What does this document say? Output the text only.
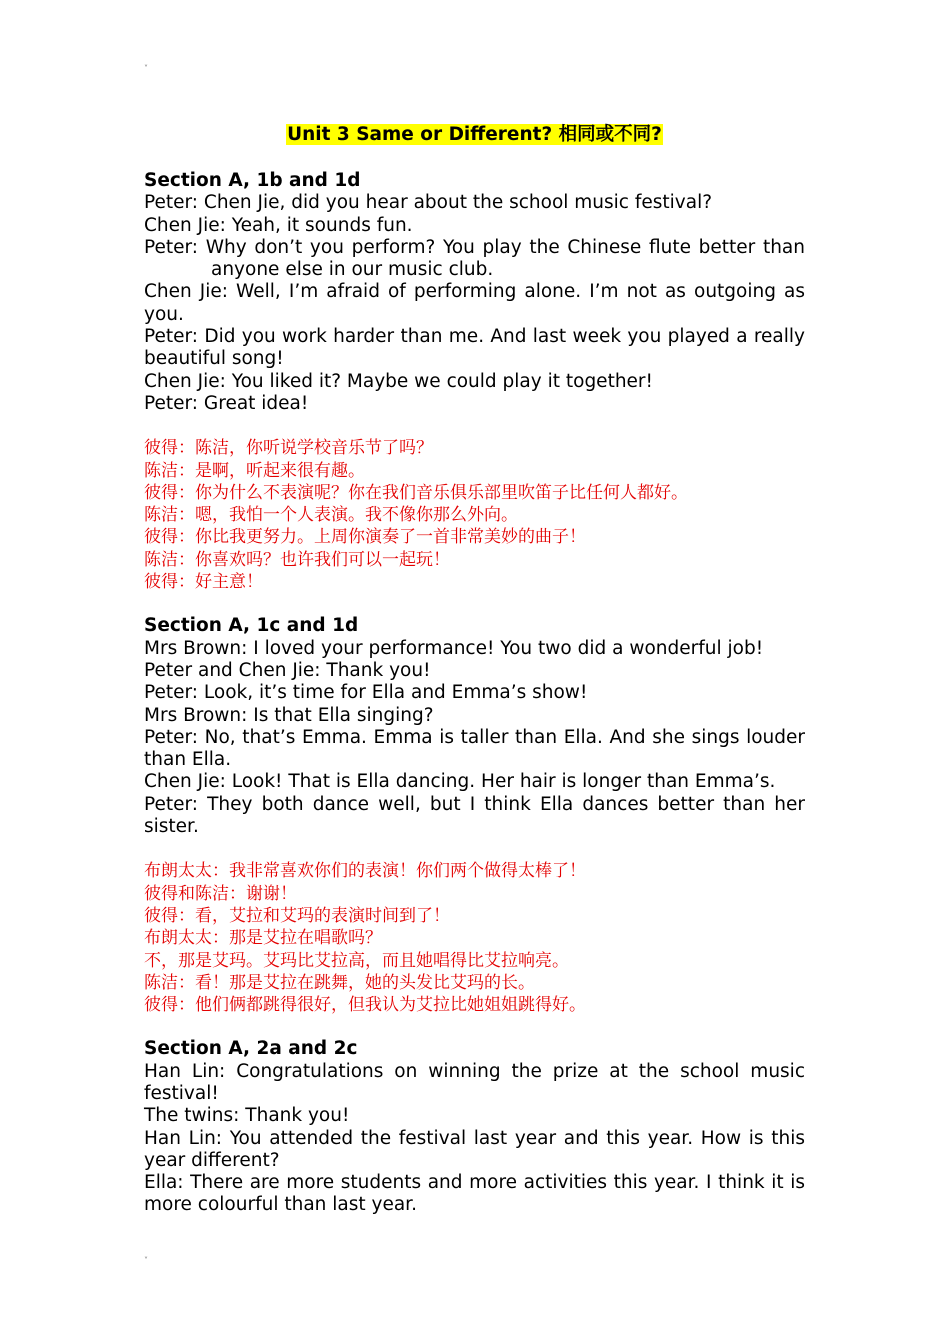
˅
˅
Unit 3 Same or Different? 相同或不同?

Section A, 1b and 1d

Peter: Chen Jie, did you hear about the school music festival?

Chen Jie: Yeah, it sounds fun.

Peter: Why don’t you perform? You play the Chinese flute better than anyone else in our music club.

Chen Jie: Well, I’m afraid of performing alone. I’m not as outgoing as you.

Peter: Did you work harder than me. And last week you played a really beautiful song!

Chen Jie: You liked it? Maybe we could play it together!

Peter: Great idea!

彼得：陈洁，你听说学校音乐节了吗？

陈洁：是啊，听起来很有趣。

彼得：你为什么不表演呢？你在我们音乐俱乐部里吹笛子比任何人都好。

陈洁：嗯，我怕一个人表演。我不像你那么外向。

彼得：你比我更努力。上周你演奏了一首非常美妙的曲子！

陈洁：你喜欢吗？也许我们可以一起玩！

彼得：好主意！

Section A, 1c and 1d

Mrs Brown: I loved your performance! You two did a wonderful job!

Peter and Chen Jie: Thank you!

Peter: Look, it’s time for Ella and Emma’s show!

Mrs Brown: Is that Ella singing?

Peter: No, that’s Emma. Emma is taller than Ella. And she sings louder than Ella.

Chen Jie: Look! That is Ella dancing. Her hair is longer than Emma’s.

Peter: They both dance well, but I think Ella dances better than her sister.

布朗太太：我非常喜欢你们的表演！你们两个做得太棒了！

彼得和陈洁：谢谢！

彼得：看，艾拉和艾玛的表演时间到了！

布朗太太：那是艾拉在唱歌吗？

不，那是艾玛。艾玛比艾拉高，而且她唱得比艾拉响亮。

陈洁：看！那是艾拉在跳舞，她的头发比艾玛的长。

彼得：他们俩都跳得很好，但我认为艾拉比她姐姐跳得好。

Section A, 2a and 2c

Han Lin: Congratulations on winning the prize at the school music festival!

The twins: Thank you!

Han Lin: You attended the festival last year and this year. How is this year different?

Ella: There are more students and more activities this year. I think it is more colourful than last year.
